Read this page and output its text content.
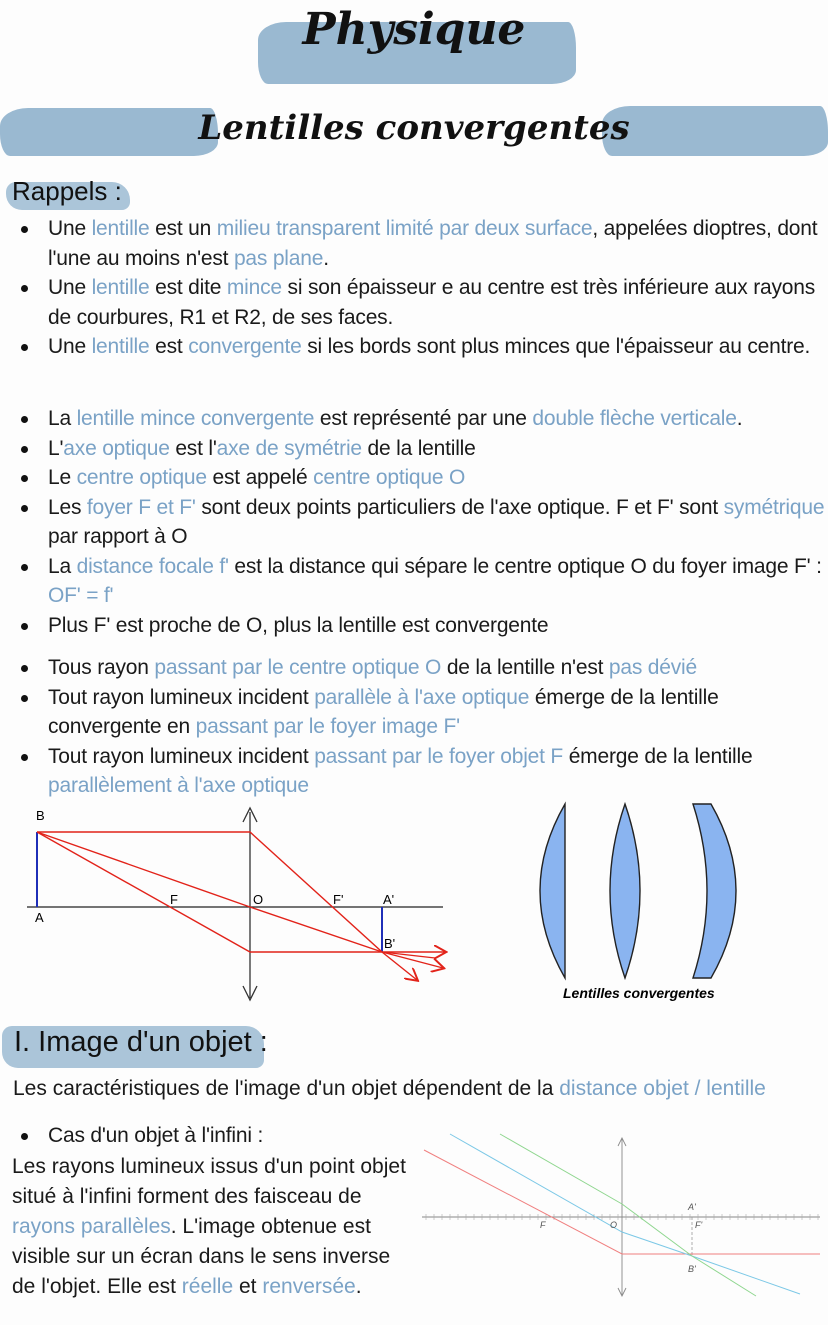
Physique
Lentilles convergentes
Rappels :
Une lentille est un milieu transparent limité par deux surface, appelées dioptres, dont l'une au moins n'est pas plane.
Une lentille est dite mince si son épaisseur e au centre est très inférieure aux rayons de courbures, R1 et R2, de ses faces.
Une lentille est convergente si les bords sont plus minces que l'épaisseur au centre.
La lentille mince convergente est représenté par une double flèche verticale.
L'axe optique est l'axe de symétrie de la lentille
Le centre optique est appelé centre optique O
Les foyer F et F' sont deux points particuliers de l'axe optique. F et F' sont symétrique par rapport à O
La distance focale f' est la distance qui sépare le centre optique O du foyer image F' : OF' = f'
Plus F' est proche de O, plus la lentille est convergente
Tous rayon passant par le centre optique O de la lentille n'est pas dévié
Tout rayon lumineux incident parallèle à l'axe optique émerge de la lentille convergente en passant par le foyer image F'
Tout rayon lumineux incident passant par le foyer objet F émerge de la lentille parallèlement à l'axe optique
B
A
F	O	F'	A'
B'
Lentilles convergentes
I. Image d'un objet :
Les caractéristiques de l'image d'un objet dépendent de la distance objet / lentille
Cas d'un objet à l'infini :
Les rayons lumineux issus d'un point objet situé à l'infini forment des faisceau de rayons parallèles. L'image obtenue est visible sur un écran dans le sens inverse de l'objet. Elle est réelle et renversée.
F	O	F'
A'
B'
